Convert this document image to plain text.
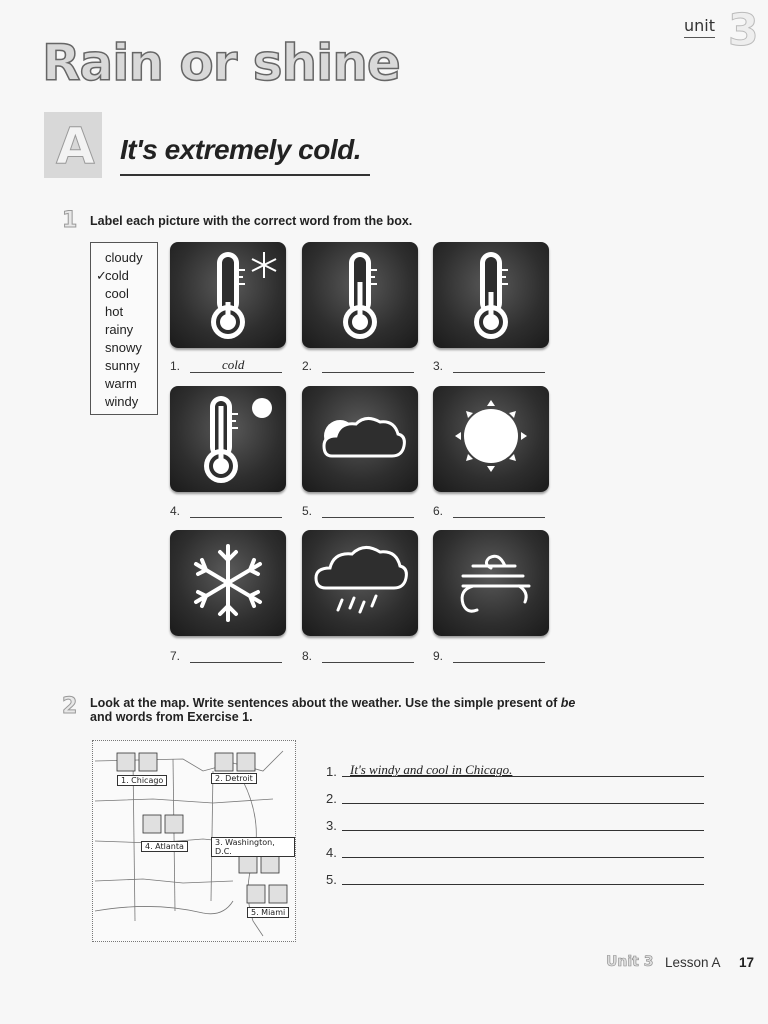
unit 3
Rain or shine
A It's extremely cold.
1 Label each picture with the correct word from the box.
✓
cloudy
cold
cool
hot
rainy
snowy
sunny
warm
windy
1.	cold	2.	3.
4.	5.	6.
7.	8.	9.
2 Look at the map. Write sentences about the weather. Use the simple present of be
and words from Exercise 1.
1. Chicago	2. Detroit
3. Washington, D.C.
4. Atlanta
5. Miami
1. It's windy and cool in Chicago.
2.
3.
4.
5.
Unit 3 Lesson A 17
